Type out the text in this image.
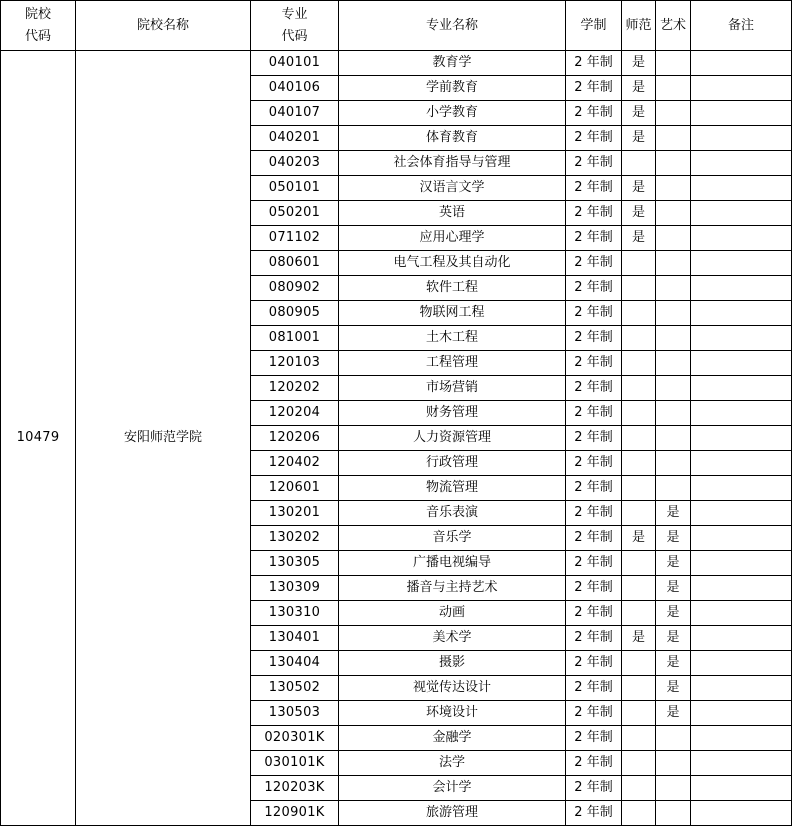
院校代码	院校名称	专业代码	专业名称	学制	师范	艺术	备注
10479	安阳师范学院	040101	教育学	2 年制	是		
		040106	学前教育	2 年制	是		
		040107	小学教育	2 年制	是		
		040201	体育教育	2 年制	是		
		040203	社会体育指导与管理	2 年制			
		050101	汉语言文学	2 年制	是		
		050201	英语	2 年制	是		
		071102	应用心理学	2 年制	是		
		080601	电气工程及其自动化	2 年制			
		080902	软件工程	2 年制			
		080905	物联网工程	2 年制			
		081001	土木工程	2 年制			
		120103	工程管理	2 年制			
		120202	市场营销	2 年制			
		120204	财务管理	2 年制			
		120206	人力资源管理	2 年制			
		120402	行政管理	2 年制			
		120601	物流管理	2 年制			
		130201	音乐表演	2 年制		是	
		130202	音乐学	2 年制	是	是	
		130305	广播电视编导	2 年制		是	
		130309	播音与主持艺术	2 年制		是	
		130310	动画	2 年制		是	
		130401	美术学	2 年制	是	是	
		130404	摄影	2 年制		是	
		130502	视觉传达设计	2 年制		是	
		130503	环境设计	2 年制		是	
		020301K	金融学	2 年制			
		030101K	法学	2 年制			
		120203K	会计学	2 年制			
		120901K	旅游管理	2 年制			
